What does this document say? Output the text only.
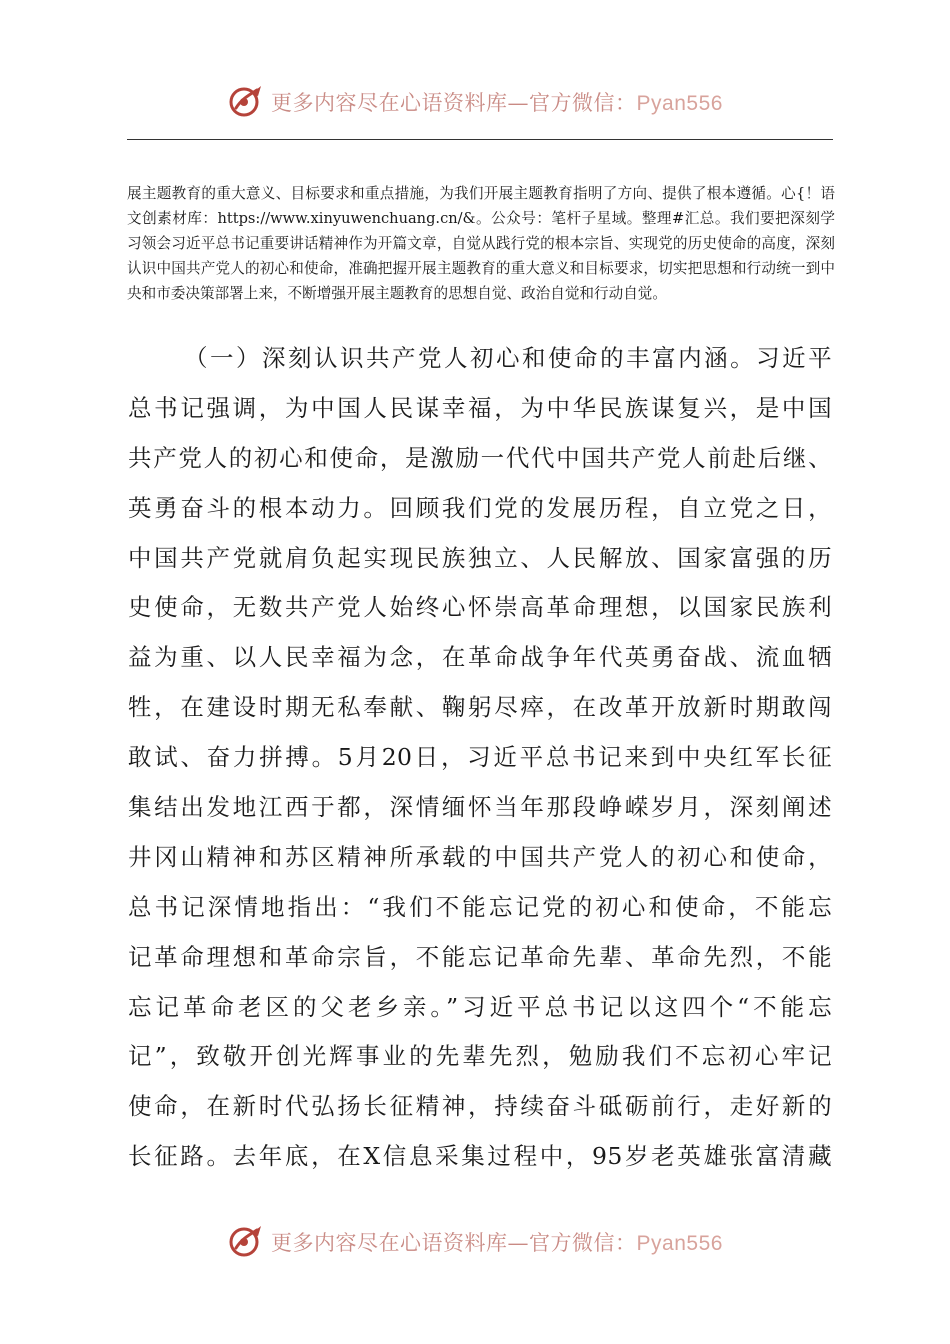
更多内容尽在心语资料库—官方微信：Pyan556

展主题教育的重大意义、目标要求和重点措施，为我们开展主题教育指明了方向、提供了根本遵循。心{！语文创素材库：https://www.xinyuwenchuang.cn/&。公众号：笔杆子星域。整理#汇总。我们要把深刻学习领会习近平总书记重要讲话精神作为开篇文章，自觉从践行党的根本宗旨、实现党的历史使命的高度，深刻认识中国共产党人的初心和使命，准确把握开展主题教育的重大意义和目标要求，切实把思想和行动统一到中央和市委决策部署上来，不断增强开展主题教育的思想自觉、政治自觉和行动自觉。

（一）深刻认识共产党人初心和使命的丰富内涵。习近平
总书记强调，为中国人民谋幸福，为中华民族谋复兴，是中国
共产党人的初心和使命，是激励一代代中国共产党人前赴后继、
英勇奋斗的根本动力。回顾我们党的发展历程，自立党之日，
中国共产党就肩负起实现民族独立、人民解放、国家富强的历
史使命，无数共产党人始终心怀崇高革命理想，以国家民族利
益为重、以人民幸福为念，在革命战争年代英勇奋战、流血牺
牲，在建设时期无私奉献、鞠躬尽瘁，在改革开放新时期敢闯
敢试、奋力拼搏。5月20日，习近平总书记来到中央红军长征
集结出发地江西于都，深情缅怀当年那段峥嵘岁月，深刻阐述
井冈山精神和苏区精神所承载的中国共产党人的初心和使命，
总书记深情地指出：“我们不能忘记党的初心和使命，不能忘
记革命理想和革命宗旨，不能忘记革命先辈、革命先烈，不能
忘记革命老区的父老乡亲。”习近平总书记以这四个“不能忘
记”，致敬开创光辉事业的先辈先烈，勉励我们不忘初心牢记
使命，在新时代弘扬长征精神，持续奋斗砥砺前行，走好新的
长征路。去年底，在X信息采集过程中，95岁老英雄张富清藏
更多内容尽在心语资料库—官方微信：Pyan556
